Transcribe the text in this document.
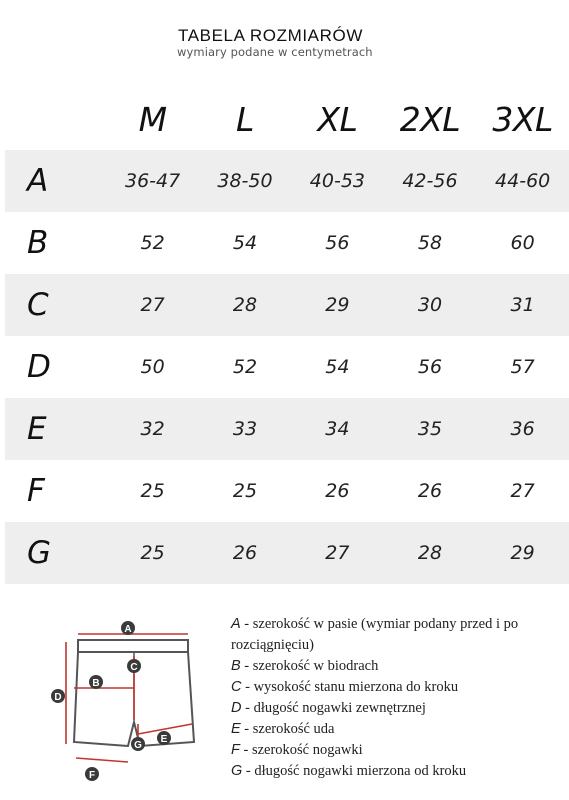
TABELA ROZMIARÓW
wymiary podane w centymetrach
	M	L	XL	2XL	3XL
A	36-47	38-50	40-53	42-56	44-60
B	52	54	56	58	60
C	27	28	29	30	31
D	50	52	54	56	57
E	32	33	34	35	36
F	25	25	26	26	27
G	25	26	27	28	29
A
B
C
D
E
F
G
A - szerokość w pasie (wymiar podany przed i po rozciągnięciu)
B - szerokość w biodrach
C - wysokość stanu mierzona do kroku
D - długość nogawki zewnętrznej
E - szerokość uda
F - szerokość nogawki
G - długość nogawki mierzona od kroku
